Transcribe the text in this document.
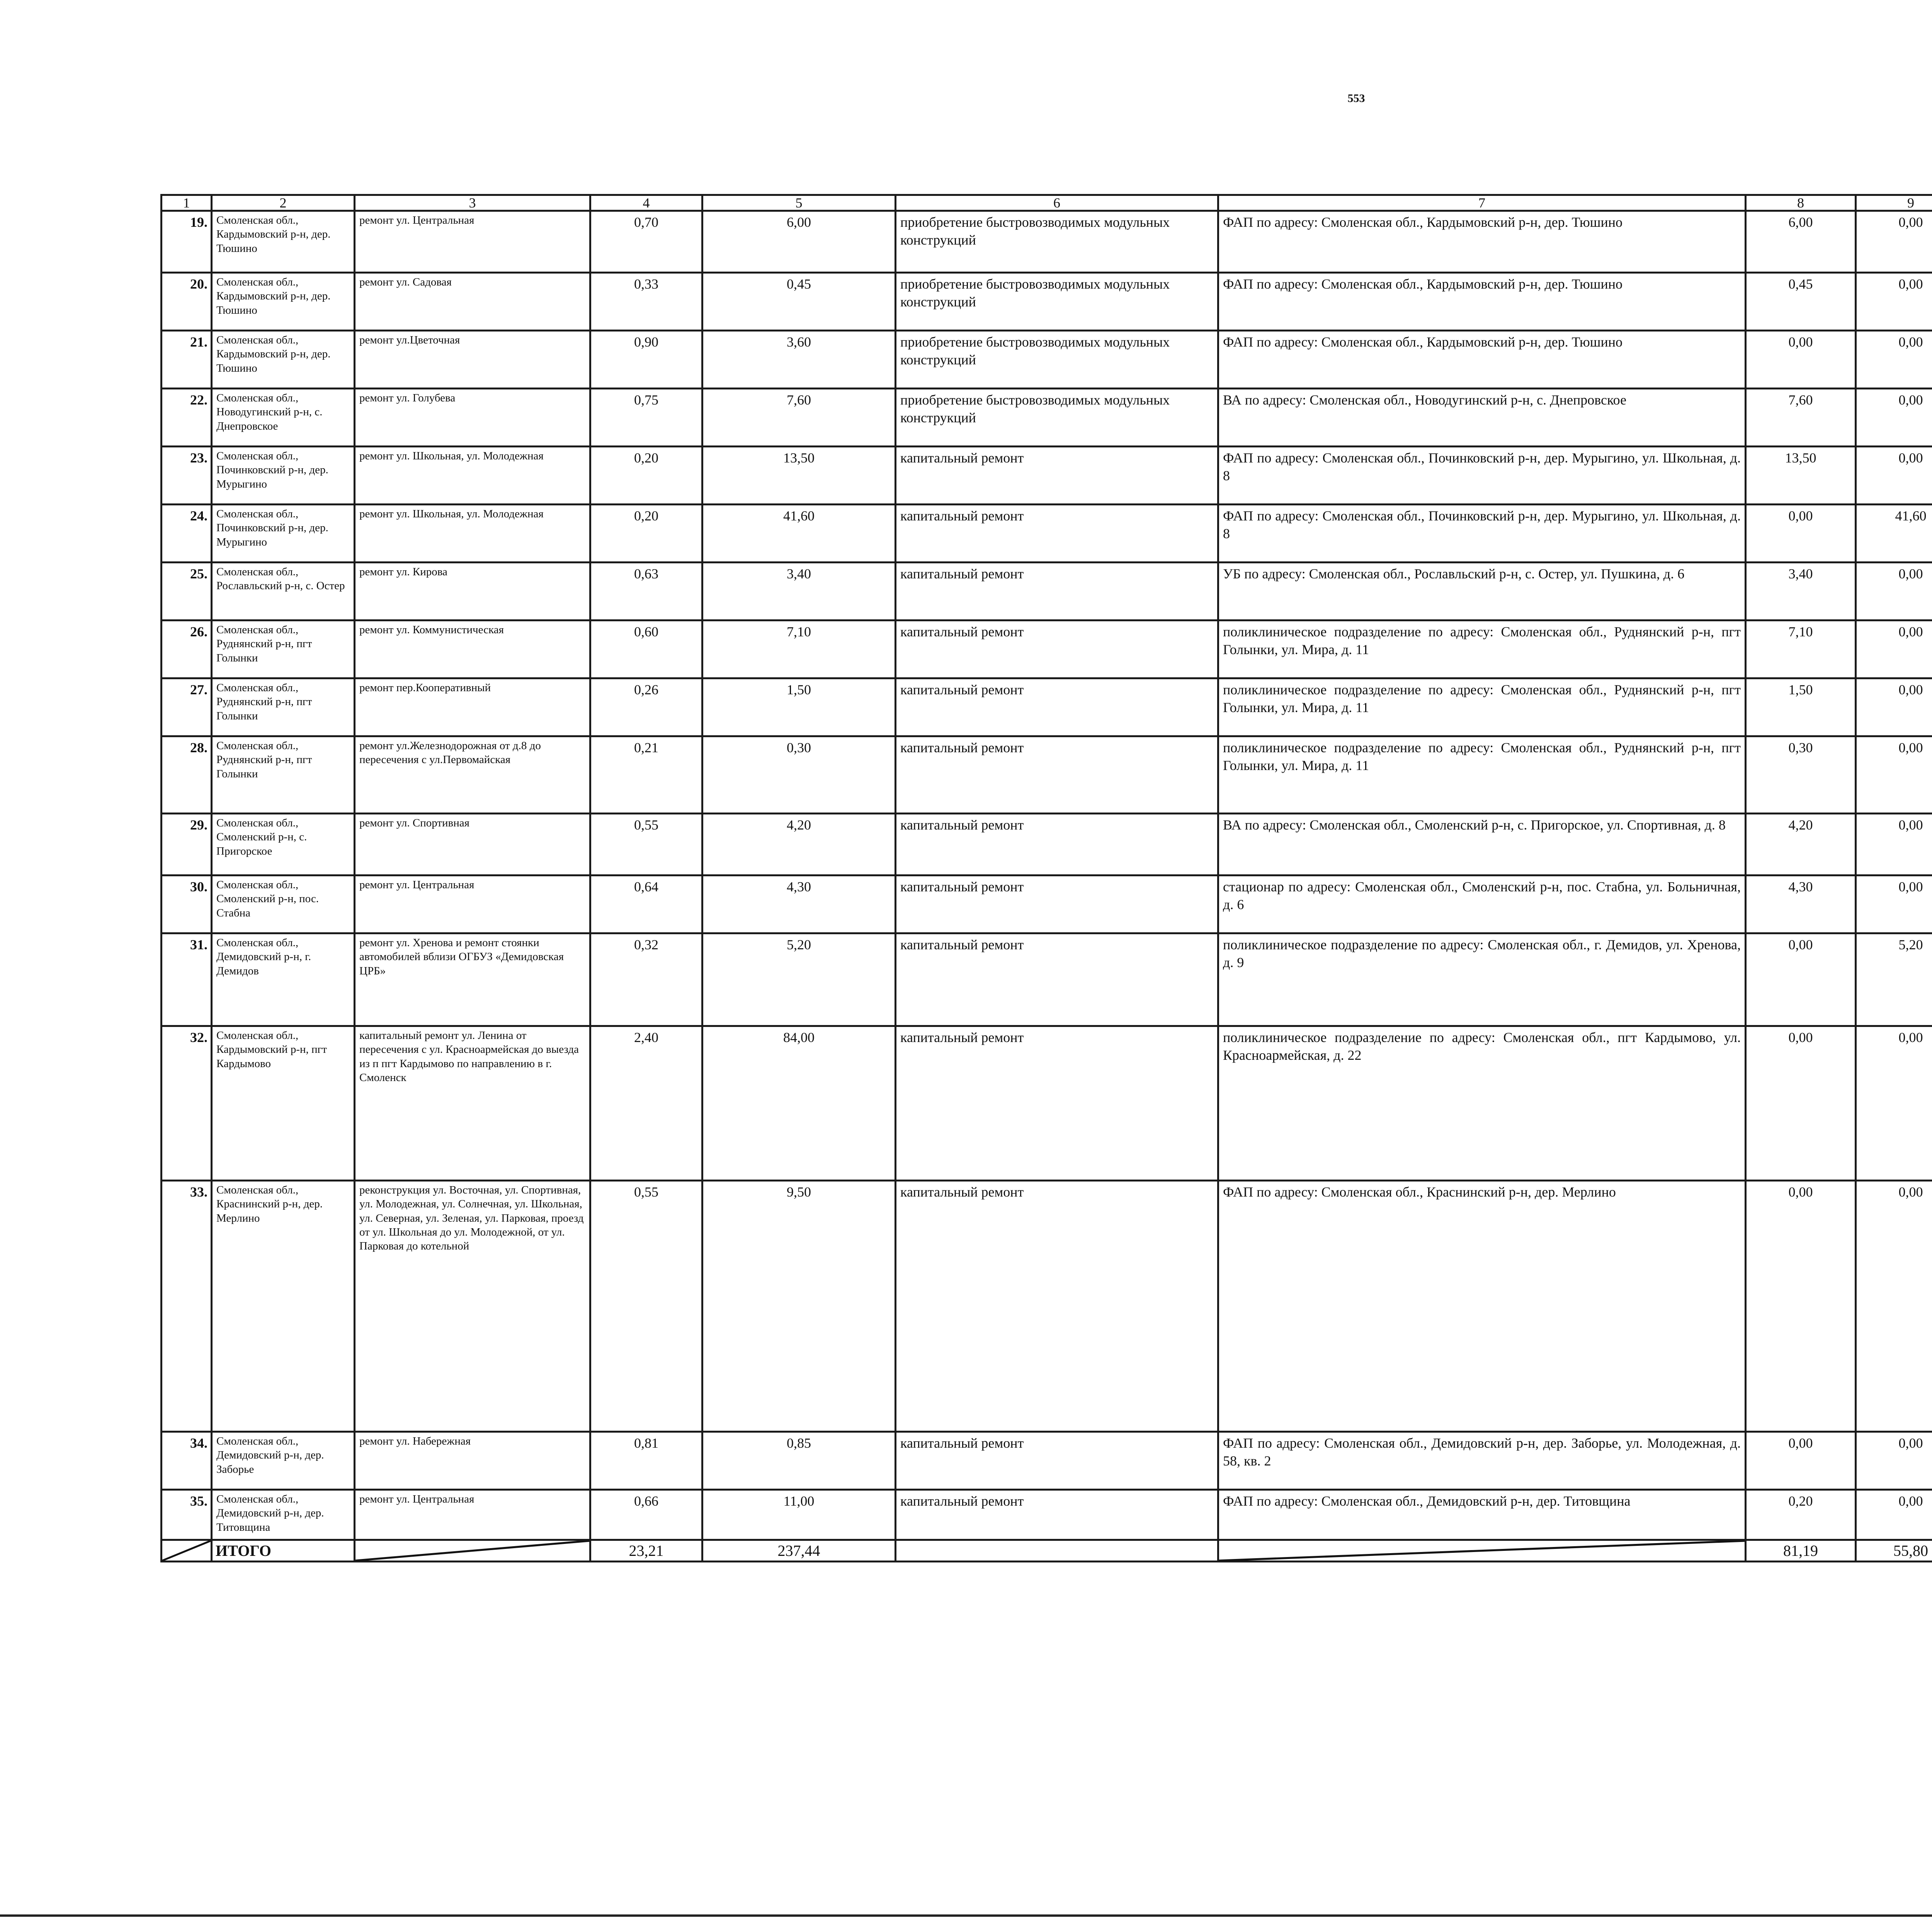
553
1	2	3	4	5	6	7	8	9						
19.	Смоленская обл., Кардымовский р-н, дер. Тюшино	ремонт ул. Центральная	0,70	6,00	приобретение быстровозводимых модульных конструкций	ФАП по адресу: Смоленская обл., Кардымовский р-н, дер. Тюшино	6,00	0,00						
20.	Смоленская обл., Кардымовский р-н, дер. Тюшино	ремонт ул. Садовая	0,33	0,45	приобретение быстровозводимых модульных конструкций	ФАП по адресу: Смоленская обл., Кардымовский р-н, дер. Тюшино	0,45	0,00						
21.	Смоленская обл., Кардымовский р-н, дер. Тюшино	ремонт ул.Цветочная	0,90	3,60	приобретение быстровозводимых модульных конструкций	ФАП по адресу: Смоленская обл., Кардымовский р-н, дер. Тюшино	0,00	0,00						
22.	Смоленская обл., Новодугинский р-н, с. Днепровское	ремонт ул. Голубева	0,75	7,60	приобретение быстровозводимых модульных конструкций	ВА по адресу: Смоленская обл., Новодугинский р-н, с. Днепровское	7,60	0,00						
23.	Смоленская обл., Починковский р-н, дер. Мурыгино	ремонт ул. Школьная, ул. Молодежная	0,20	13,50	капитальный ремонт	ФАП по адресу: Смоленская обл., Починковский р-н, дер. Мурыгино, ул. Школьная, д. 8	13,50	0,00						
24.	Смоленская обл., Починковский р-н, дер. Мурыгино	ремонт ул. Школьная, ул. Молодежная	0,20	41,60	капитальный ремонт	ФАП по адресу: Смоленская обл., Починковский р-н, дер. Мурыгино, ул. Школьная, д. 8	0,00	41,60						
25.	Смоленская обл., Рославльский р-н, с. Остер	ремонт ул. Кирова	0,63	3,40	капитальный ремонт	УБ по адресу: Смоленская обл., Рославльский р-н, с. Остер, ул. Пушкина, д. 6	3,40	0,00						
26.	Смоленская обл., Руднянский р-н, пгт Голынки	ремонт ул. Коммунистическая	0,60	7,10	капитальный ремонт	поликлиническое подразделение по адресу: Смоленская обл., Руднянский р-н, пгт Голынки, ул. Мира, д. 11	7,10	0,00						
27.	Смоленская обл., Руднянский р-н, пгт Голынки	ремонт пер.Кооперативный	0,26	1,50	капитальный ремонт	поликлиническое подразделение по адресу: Смоленская обл., Руднянский р-н, пгт Голынки, ул. Мира, д. 11	1,50	0,00						
28.	Смоленская обл., Руднянский р-н, пгт Голынки	ремонт ул.Железнодорожная от д.8 до пересечения с ул.Первомайская	0,21	0,30	капитальный ремонт	поликлиническое подразделение по адресу: Смоленская обл., Руднянский р-н, пгт Голынки, ул. Мира, д. 11	0,30	0,00						
29.	Смоленская обл., Смоленский р-н, с. Пригорское	ремонт ул. Спортивная	0,55	4,20	капитальный ремонт	ВА по адресу: Смоленская обл., Смоленский р-н, с. Пригорское, ул. Спортивная, д. 8	4,20	0,00						
30.	Смоленская обл., Смоленский р-н, пос. Стабна	ремонт ул. Центральная	0,64	4,30	капитальный ремонт	стационар по адресу: Смоленская обл., Смоленский р-н, пос. Стабна, ул. Больничная, д. 6	4,30	0,00						
31.	Смоленская обл., Демидовский р-н, г. Демидов	ремонт ул. Хренова и ремонт стоянки автомобилей вблизи ОГБУЗ «Демидовская ЦРБ»	0,32	5,20	капитальный ремонт	поликлиническое подразделение по адресу: Смоленская обл., г. Демидов, ул. Хренова, д. 9	0,00	5,20						
32.	Смоленская обл., Кардымовский р-н, пгт Кардымово	капитальный ремонт ул. Ленина от пересечения с ул. Красноармейская до выезда из п пгт Кардымово по направлению в г. Смоленск	2,40	84,00	капитальный ремонт	поликлиническое подразделение по адресу: Смоленская обл., пгт Кардымово, ул. Красноармейская, д. 22	0,00	0,00						
33.	Смоленская обл., Краснинский р-н, дер. Мерлино	реконструкция ул. Восточная, ул. Спортивная, ул. Молодежная, ул. Солнечная, ул. Школьная, ул. Северная, ул. Зеленая, ул. Парковая, проезд от ул. Школьная до ул. Молодежной, от ул. Парковая до котельной	0,55	9,50	капитальный ремонт	ФАП по адресу: Смоленская обл., Краснинский р-н, дер. Мерлино	0,00	0,00						
34.	Смоленская обл., Демидовский р-н, дер. Заборье	ремонт ул. Набережная	0,81	0,85	капитальный ремонт	ФАП по адресу: Смоленская обл., Демидовский р-н, дер. Заборье, ул. Молодежная, д. 58, кв. 2	0,00	0,00						
35.	Смоленская обл., Демидовский р-н, дер. Титовщина	ремонт ул. Центральная	0,66	11,00	капитальный ремонт	ФАП по адресу: Смоленская обл., Демидовский р-н, дер. Титовщина	0,20	0,00						

	ИТОГО		23,21	237,44			81,19	55,80						
